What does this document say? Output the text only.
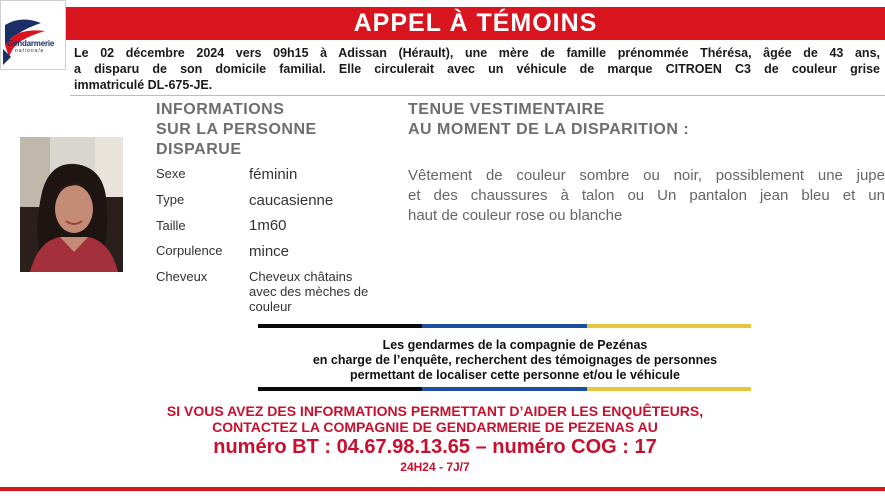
Gendarmerie
nationale
APPEL À TÉMOINS
Le 02 décembre 2024 vers 09h15 à Adissan (Hérault), une mère de famille prénommée Thérésa, âgée de 43 ans,
a disparu de son domicile familial. Elle circulerait avec un véhicule de marque CITROEN C3 de couleur grise
immatriculé DL-675-JE.
INFORMATIONS
SUR LA PERSONNE
DISPARUE
Sexe	féminin
Type	caucasienne
Taille	1m60
Corpulence mince
Cheveux	Cheveux châtains
avec des mèches de
couleur
TENUE VESTIMENTAIRE
AU MOMENT DE LA DISPARITION :
Vêtement de couleur sombre ou noir, possiblement une jupe
et des chaussures à talon ou Un pantalon jean bleu et un
haut de couleur rose ou blanche
Les gendarmes de la compagnie de Pezénas
en charge de l’enquête, recherchent des témoignages de personnes
permettant de localiser cette personne et/ou le véhicule
SI VOUS AVEZ DES INFORMATIONS PERMETTANT D’AIDER LES ENQUÊTEURS,
CONTACTEZ LA COMPAGNIE DE GENDARMERIE DE PEZENAS AU
numéro BT : 04.67.98.13.65 – numéro COG : 17
24H24 - 7J/7
